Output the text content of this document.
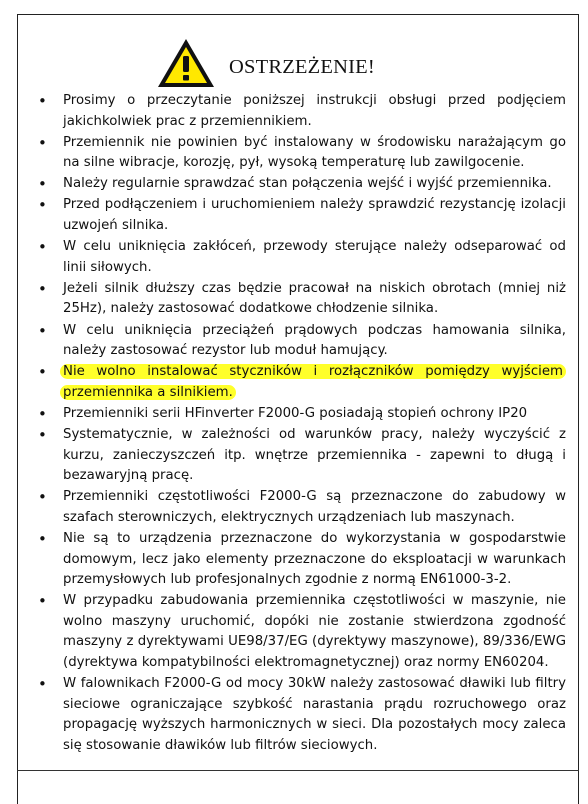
OSTRZEŻENIE!
• Prosimy o przeczytanie poniższej instrukcji obsługi przed podjęciem jakichkolwiek prac z przemiennikiem.
• Przemiennik nie powinien być instalowany w środowisku narażającym go na silne wibracje, korozję, pył, wysoką temperaturę lub zawilgocenie.
• Należy regularnie sprawdzać stan połączenia wejść i wyjść przemiennika.
• Przed podłączeniem i uruchomieniem należy sprawdzić rezystancję izolacji uzwojeń silnika.
• W celu uniknięcia zakłóceń, przewody sterujące należy odseparować od linii siłowych.
• Jeżeli silnik dłuższy czas będzie pracował na niskich obrotach (mniej niż 25Hz), należy zastosować dodatkowe chłodzenie silnika.
• W celu uniknięcia przeciążeń prądowych podczas hamowania silnika, należy zastosować rezystor lub moduł hamujący.
• Nie wolno instalować styczników i rozłączników pomiędzy wyjściem przemiennika a silnikiem.
• Przemienniki serii HFinverter F2000-G posiadają stopień ochrony IP20
• Systematycznie, w zależności od warunków pracy, należy wyczyścić z kurzu, zanieczyszczeń itp. wnętrze przemiennika - zapewni to długą i bezawaryjną pracę.
• Przemienniki częstotliwości F2000-G są przeznaczone do zabudowy w szafach sterowniczych, elektrycznych urządzeniach lub maszynach.
• Nie są to urządzenia przeznaczone do wykorzystania w gospodarstwie domowym, lecz jako elementy przeznaczone do eksploatacji w warunkach przemysłowych lub profesjonalnych zgodnie z normą EN61000-3-2.
• W przypadku zabudowania przemiennika częstotliwości w maszynie, nie wolno maszyny uruchomić, dopóki nie zostanie stwierdzona zgodność maszyny z dyrektywami UE98/37/EG (dyrektywy maszynowe), 89/336/EWG (dyrektywa kompatybilności elektromagnetycznej) oraz normy EN60204.
• W falownikach F2000-G od mocy 30kW należy zastosować dławiki lub filtry sieciowe ograniczające szybkość narastania prądu rozruchowego oraz propagację wyższych harmonicznych w sieci. Dla pozostałych mocy zaleca się stosowanie dławików lub filtrów sieciowych.
